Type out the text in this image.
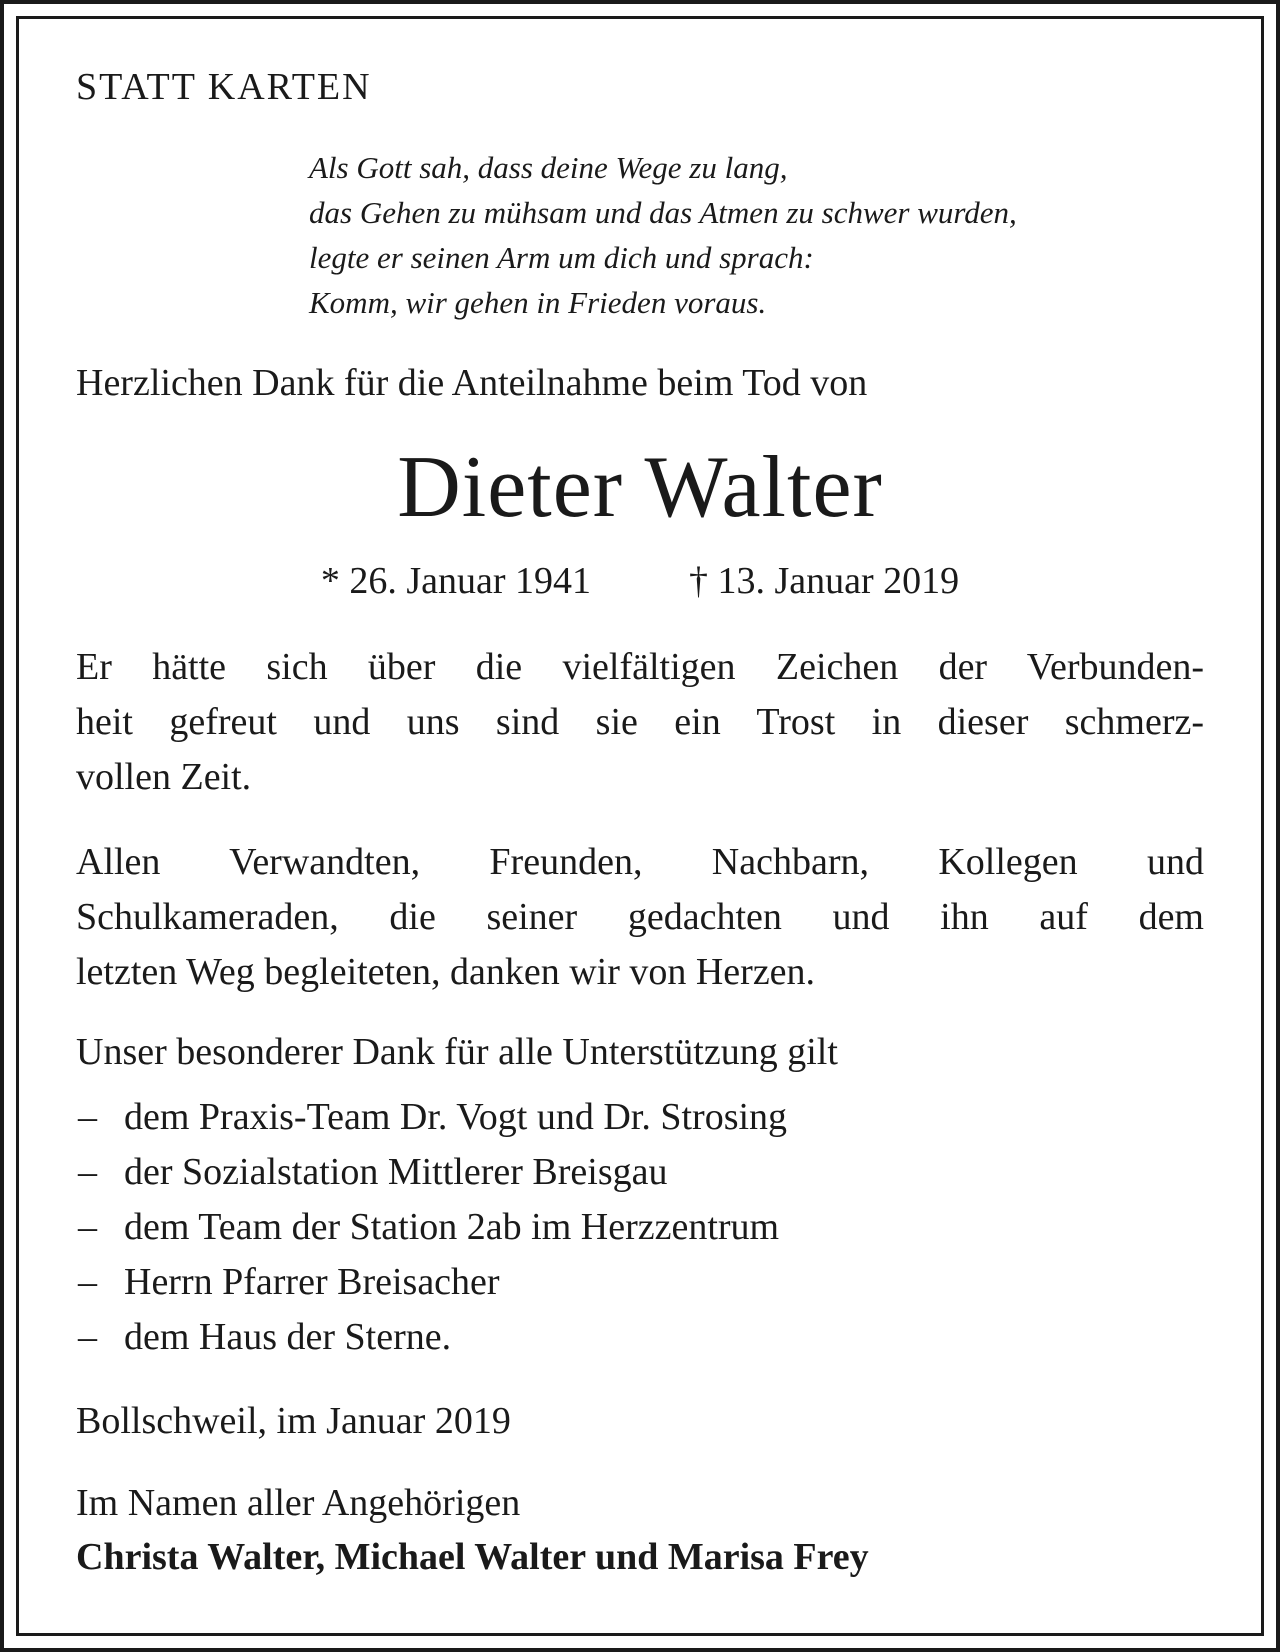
STATT KARTEN
Als Gott sah, dass deine Wege zu lang,
das Gehen zu mühsam und das Atmen zu schwer wurden,
legte er seinen Arm um dich und sprach:
Komm, wir gehen in Frieden voraus.
Herzlichen Dank für die Anteilnahme beim Tod von
Dieter Walter
* 26. Januar 1941	† 13. Januar 2019
Er hätte sich über die vielfältigen Zeichen der Verbunden-
heit gefreut und uns sind sie ein Trost in dieser schmerz-
vollen Zeit.
Allen Verwandten, Freunden, Nachbarn, Kollegen und
Schulkameraden, die seiner gedachten und ihn auf dem
letzten Weg begleiteten, danken wir von Herzen.
Unser besonderer Dank für alle Unterstützung gilt
– dem Praxis-Team Dr. Vogt und Dr. Strosing
– der Sozialstation Mittlerer Breisgau
– dem Team der Station 2ab im Herzzentrum
– Herrn Pfarrer Breisacher
– dem Haus der Sterne.
Bollschweil, im Januar 2019
Im Namen aller Angehörigen
Christa Walter, Michael Walter und Marisa Frey
